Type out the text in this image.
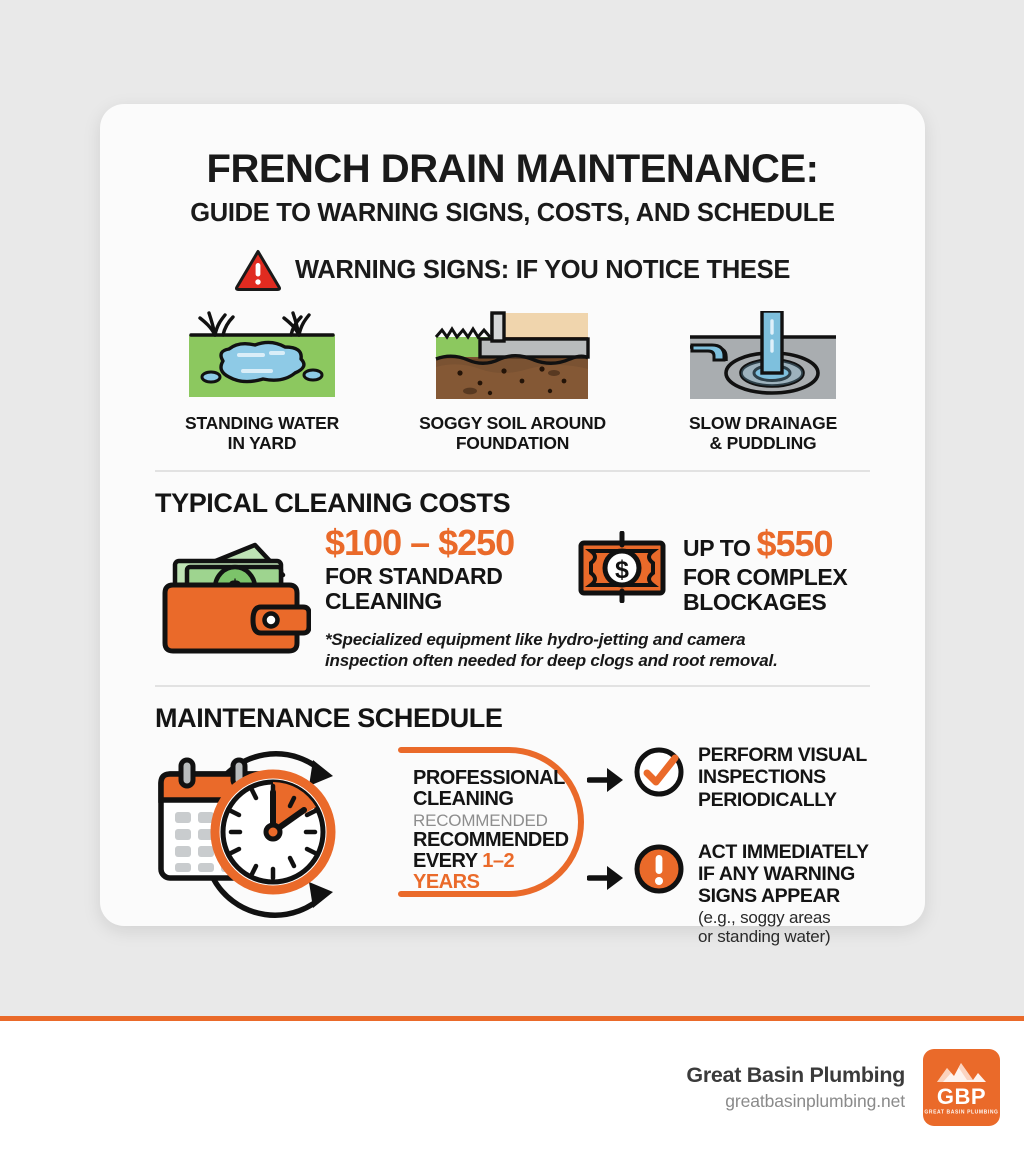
Great Basin Plumbing
greatbasinplumbing.net GBP
GREAT BASIN PLUMBING
FRENCH DRAIN MAINTENANCE:
GUIDE TO WARNING SIGNS, COSTS, AND SCHEDULE
WARNING SIGNS: IF YOU NOTICE THESE
STANDING WATER
IN YARD
SOGGY SOIL AROUND
FOUNDATION
SLOW DRAINAGE
& PUDDLING
TYPICAL CLEANING COSTS
$100 – $250
FOR STANDARD
CLEANING
$
UP TO $550
FOR COMPLEX
BLOCKAGES
*Specialized equipment like hydro-jetting and camera
inspection often needed for deep clogs and root removal.
MAINTENANCE SCHEDULE
PROFESSIONAL
CLEANING
RECOMMENDED
RECOMMENDED
EVERY 1–2 YEARS
PERFORM VISUAL
INSPECTIONS
PERIODICALLY
ACT IMMEDIATELY
IF ANY WARNING
SIGNS APPEAR
(e.g., soggy areas
or standing water)
